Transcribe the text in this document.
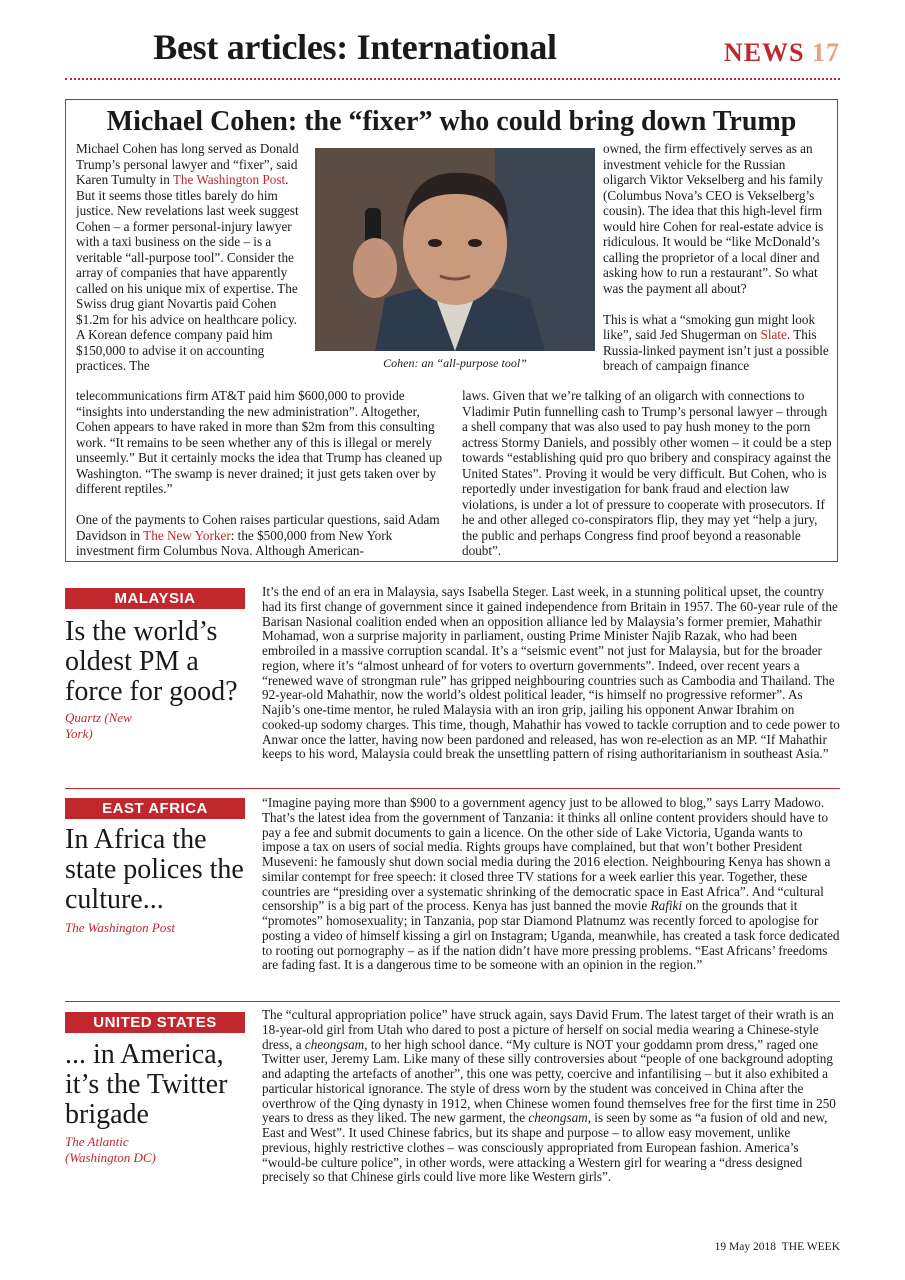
Best articles: International	NEWS 17
Michael Cohen: the “fixer” who could bring down Trump

Michael Cohen has long served as Donald Trump’s personal lawyer and “fixer”, said Karen Tumulty in The Washington Post. But it seems those titles barely do him justice. New revelations last week suggest Cohen – a former personal-injury lawyer with a taxi business on the side – is a veritable “all-purpose tool”. Consider the array of companies that have apparently called on his unique mix of expertise. The Swiss drug giant Novartis paid Cohen $1.2m for his advice on healthcare policy. A Korean defence company paid him $150,000 to advise it on accounting practices. The	Cohen: an “all-purpose tool”

owned, the firm effectively serves as an investment vehicle for the Russian oligarch Viktor Vekselberg and his family (Columbus Nova’s CEO is Vekselberg’s cousin). The idea that this high-level firm would hire Cohen for real-estate advice is ridiculous. It would be “like McDonald’s calling the proprietor of a local diner and asking how to run a restaurant”. So what was the payment all about?

This is what a “smoking gun might look like”, said Jed Shugerman on Slate. This Russia-linked payment isn’t just a possible breach of campaign finance

telecommunications firm AT&T paid him $600,000 to provide “insights into understanding the new administration”. Altogether, Cohen appears to have raked in more than $2m from this consulting work. “It remains to be seen whether any of this is illegal or merely unseemly.” But it certainly mocks the idea that Trump has cleaned up Washington. “The swamp is never drained; it just gets taken over by different reptiles.”

One of the payments to Cohen raises particular questions, said Adam Davidson in The New Yorker: the $500,000 from New York investment firm Columbus Nova. Although American-

laws. Given that we’re talking of an oligarch with connections to Vladimir Putin funnelling cash to Trump’s personal lawyer – through a shell company that was also used to pay hush money to the porn actress Stormy Daniels, and possibly other women – it could be a step towards “establishing quid pro quo bribery and conspiracy against the United States”. Proving it would be very difficult. But Cohen, who is reportedly under investigation for bank fraud and election law violations, is under a lot of pressure to cooperate with prosecutors. If he and other alleged co-conspirators flip, they may yet “help a jury, the public and perhaps Congress find proof beyond a reasonable doubt”.

MALAYSIA
Is the world’s oldest PM a force for good?
Quartz (New York)
It’s the end of an era in Malaysia, says Isabella Steger. Last week, in a stunning political upset, the country had its first change of government since it gained independence from Britain in 1957. The 60-year rule of the Barisan Nasional coalition ended when an opposition alliance led by Malaysia’s former premier, Mahathir Mohamad, won a surprise majority in parliament, ousting Prime Minister Najib Razak, who had been embroiled in a massive corruption scandal. It’s a “seismic event” not just for Malaysia, but for the broader region, where it’s “almost unheard of for voters to overturn governments”. Indeed, over recent years a “renewed wave of strongman rule” has gripped neighbouring countries such as Cambodia and Thailand. The 92-year-old Mahathir, now the world’s oldest political leader, “is himself no progressive reformer”. As Najib’s one-time mentor, he ruled Malaysia with an iron grip, jailing his opponent Anwar Ibrahim on cooked-up sodomy charges. This time, though, Mahathir has vowed to tackle corruption and to cede power to Anwar once the latter, having now been pardoned and released, has won re-election as an MP. “If Mahathir keeps to his word, Malaysia could break the unsettling pattern of rising authoritarianism in southeast Asia.”
EAST AFRICA
In Africa the state polices the culture...
The Washington Post
“Imagine paying more than $900 to a government agency just to be allowed to blog,” says Larry Madowo. That’s the latest idea from the government of Tanzania: it thinks all online content providers should have to pay a fee and submit documents to gain a licence. On the other side of Lake Victoria, Uganda wants to impose a tax on users of social media. Rights groups have complained, but that won’t bother President Museveni: he famously shut down social media during the 2016 election. Neighbouring Kenya has shown a similar contempt for free speech: it closed three TV stations for a week earlier this year. Together, these countries are “presiding over a systematic shrinking of the democratic space in East Africa”. And “cultural censorship” is a big part of the process. Kenya has just banned the movie Rafiki on the grounds that it “promotes” homosexuality; in Tanzania, pop star Diamond Platnumz was recently forced to apologise for posting a video of himself kissing a girl on Instagram; Uganda, meanwhile, has created a task force dedicated to rooting out pornography – as if the nation didn’t have more pressing problems. “East Africans’ freedoms are fading fast. It is a dangerous time to be someone with an opinion in the region.”
UNITED STATES
... in America, it’s the Twitter brigade
The Atlantic (Washington DC)
The “cultural appropriation police” have struck again, says David Frum. The latest target of their wrath is an 18-year-old girl from Utah who dared to post a picture of herself on social media wearing a Chinese-style dress, a cheongsam, to her high school dance. “My culture is NOT your goddamn prom dress,” raged one Twitter user, Jeremy Lam. Like many of these silly controversies about “people of one background adopting and adapting the artefacts of another”, this one was petty, coercive and infantilising – but it also exhibited a particular historical ignorance. The style of dress worn by the student was conceived in China after the overthrow of the Qing dynasty in 1912, when Chinese women found themselves free for the first time in 250 years to dress as they liked. The new garment, the cheongsam, is seen by some as “a fusion of old and new, East and West”. It used Chinese fabrics, but its shape and purpose – to allow easy movement, unlike previous, highly restrictive clothes – was consciously appropriated from European fashion. America’s “would-be culture police”, in other words, were attacking a Western girl for wearing a “dress designed precisely so that Chinese girls could live more like Western girls”.
19 May 2018 THE WEEK
